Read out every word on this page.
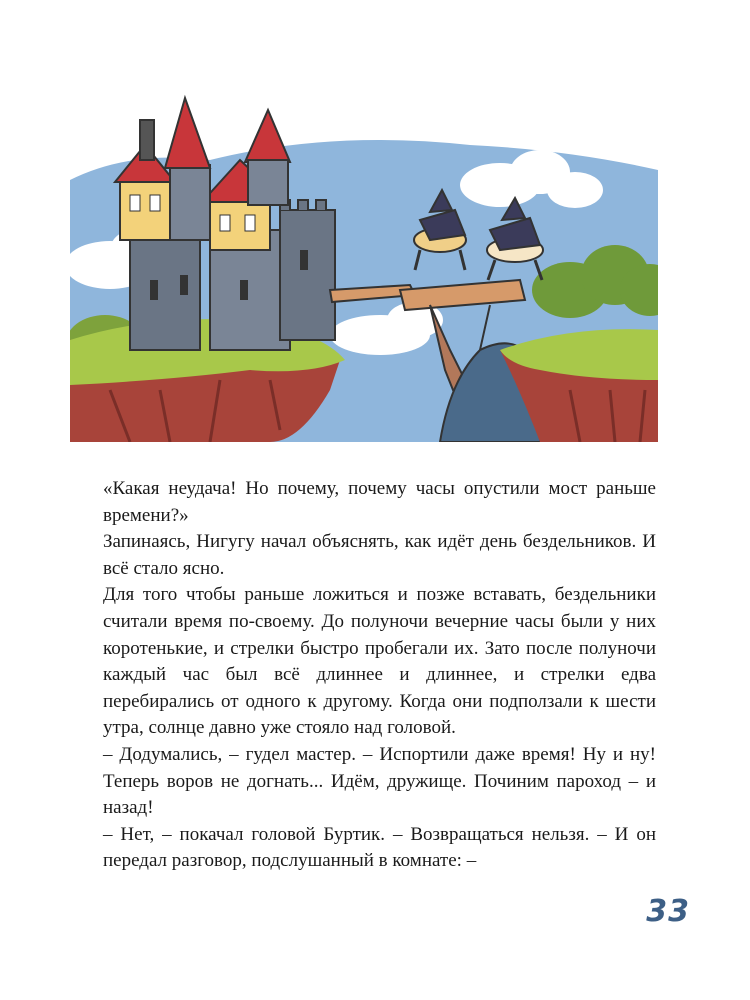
«Какая неудача! Но почему, почему часы опустили мост раньше времени?»

Запинаясь, Нигугу начал объяснять, как идёт день бездельников. И всё стало ясно.

Для того чтобы раньше ложиться и позже вставать, бездельники считали время по-своему. До полуночи вечерние часы были у них коротенькие, и стрелки быстро пробегали их. Зато после полуночи каждый час был всё длиннее и длиннее, и стрелки едва перебирались от одного к другому. Когда они подползали к шести утра, солнце давно уже стояло над головой.

– Додумались, – гудел мастер. – Испортили даже время! Ну и ну! Теперь воров не догнать... Идём, дружище. Починим пароход – и назад!

– Нет, – покачал головой Буртик. – Возвращаться нельзя. – И он передал разговор, подслушанный в комнате: –

33
